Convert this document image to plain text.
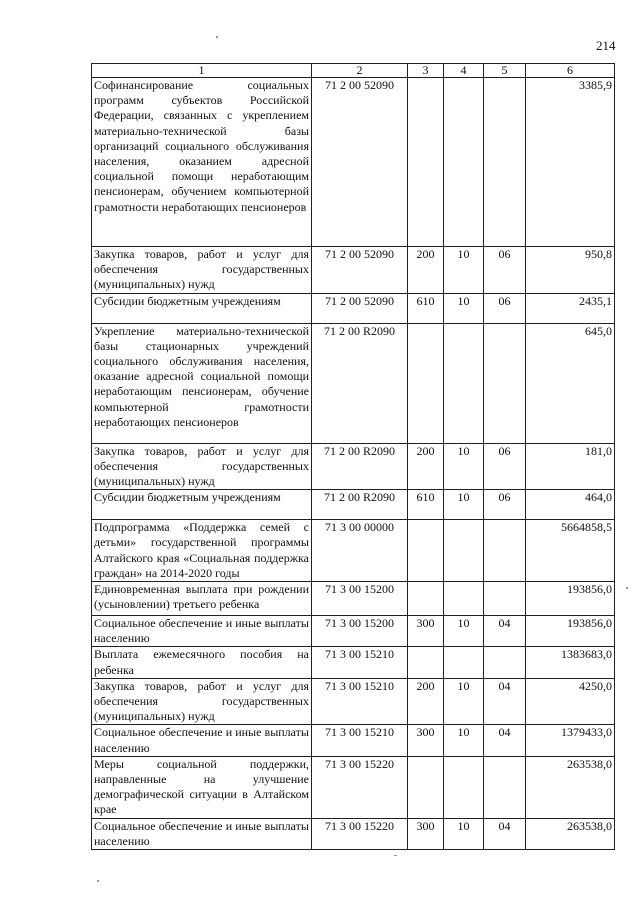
214
1	2	3	4	5	6
Софинансирование социальных программ субъектов Российской Федерации, связанных с укреплением материально-технической базы организаций социального обслуживания населения, оказанием адресной социальной помощи неработающим пенсионерам, обучением компьютерной грамотности неработающих пенсионеров	71 2 00 52090				3385,9
Закупка товаров, работ и услуг для обеспечения государственных (муниципальных) нужд	71 2 00 52090	200	10	06	950,8
Субсидии бюджетным учреждениям	71 2 00 52090	610	10	06	2435,1
Укрепление материально-технической базы стационарных учреждений социального обслуживания населения, оказание адресной социальной помощи неработающим пенсионерам, обучение компьютерной грамотности неработающих пенсионеров	71 2 00 R2090				645,0
Закупка товаров, работ и услуг для обеспечения государственных (муниципальных) нужд	71 2 00 R2090	200	10	06	181,0
Субсидии бюджетным учреждениям	71 2 00 R2090	610	10	06	464,0
Подпрограмма «Поддержка семей с детьми» государственной программы Алтайского края «Социальная поддержка граждан» на 2014-2020 годы	71 3 00 00000				5664858,5
Единовременная выплата при рождении (усыновлении) третьего ребенка	71 3 00 15200				193856,0
Социальное обеспечение и иные выплаты населению	71 3 00 15200	300	10	04	193856,0
Выплата ежемесячного пособия на ребенка	71 3 00 15210				1383683,0
Закупка товаров, работ и услуг для обеспечения государственных (муниципальных) нужд	71 3 00 15210	200	10	04	4250,0
Социальное обеспечение и иные выплаты населению	71 3 00 15210	300	10	04	1379433,0
Меры социальной поддержки, направленные на улучшение демографической ситуации в Алтайском крае	71 3 00 15220				263538,0
Социальное обеспечение и иные выплаты населению	71 3 00 15220	300	10	04	263538,0
